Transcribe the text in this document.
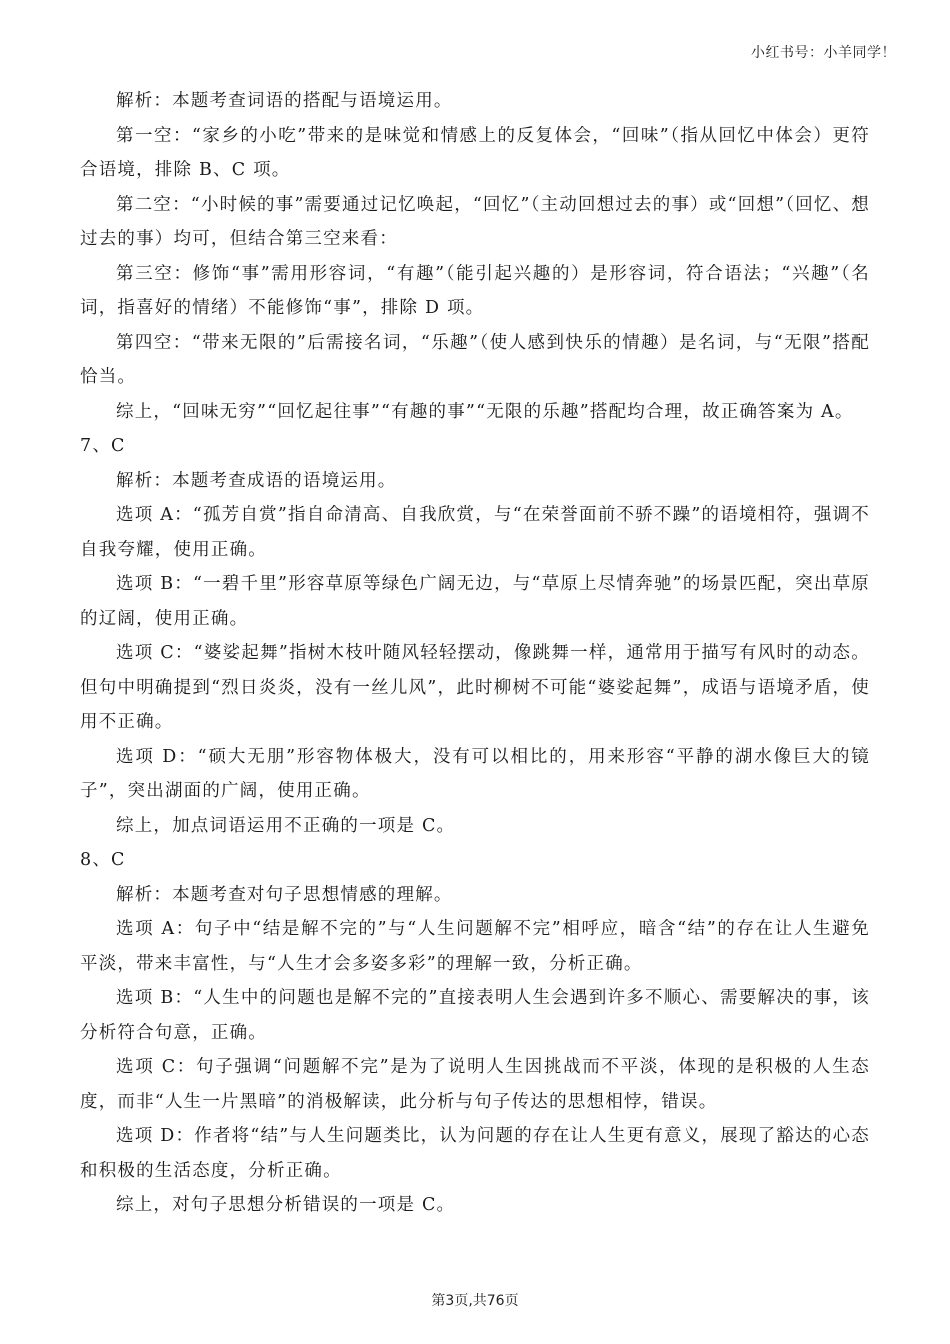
小红书号：小羊同学！

解析：本题考查词语的搭配与语境运用。

第一空：“家乡的小吃”带来的是味觉和情感上的反复体会，“回味”（指从回忆中体会）更符合语境，排除 B、C 项。

第二空：“小时候的事”需要通过记忆唤起，“回忆”（主动回想过去的事）或“回想”（回忆、想过去的事）均可，但结合第三空来看：

第三空：修饰“事”需用形容词，“有趣”（能引起兴趣的）是形容词，符合语法；“兴趣”（名词，指喜好的情绪）不能修饰“事”，排除 D 项。

第四空：“带来无限的”后需接名词，“乐趣”（使人感到快乐的情趣）是名词，与“无限”搭配恰当。

综上，“回味无穷”“回忆起往事”“有趣的事”“无限的乐趣”搭配均合理，故正确答案为 A。

7、C

解析：本题考查成语的语境运用。

选项 A：“孤芳自赏”指自命清高、自我欣赏，与“在荣誉面前不骄不躁”的语境相符，强调不自我夸耀，使用正确。

选项 B：“一碧千里”形容草原等绿色广阔无边，与“草原上尽情奔驰”的场景匹配，突出草原的辽阔，使用正确。

选项 C：“婆娑起舞”指树木枝叶随风轻轻摆动，像跳舞一样，通常用于描写有风时的动态。但句中明确提到“烈日炎炎，没有一丝儿风”，此时柳树不可能“婆娑起舞”，成语与语境矛盾，使用不正确。

选项 D：“硕大无朋”形容物体极大，没有可以相比的，用来形容“平静的湖水像巨大的镜子”，突出湖面的广阔，使用正确。

综上，加点词语运用不正确的一项是 C。

8、C

解析：本题考查对句子思想情感的理解。

选项 A：句子中“结是解不完的”与“人生问题解不完”相呼应，暗含“结”的存在让人生避免平淡，带来丰富性，与“人生才会多姿多彩”的理解一致，分析正确。

选项 B：“人生中的问题也是解不完的”直接表明人生会遇到许多不顺心、需要解决的事，该分析符合句意，正确。

选项 C：句子强调“问题解不完”是为了说明人生因挑战而不平淡，体现的是积极的人生态度，而非“人生一片黑暗”的消极解读，此分析与句子传达的思想相悖，错误。

选项 D：作者将“结”与人生问题类比，认为问题的存在让人生更有意义，展现了豁达的心态和积极的生活态度，分析正确。

综上，对句子思想分析错误的一项是 C。

第3页,共76页
